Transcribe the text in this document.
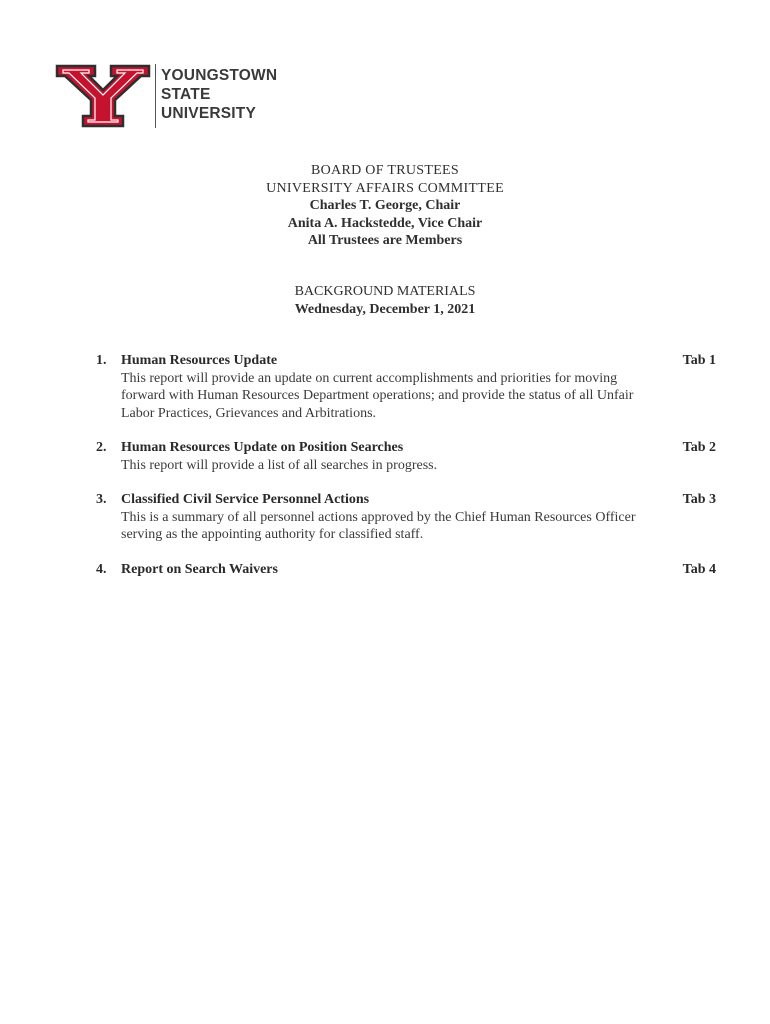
YOUNGSTOWN
STATE
UNIVERSITY
BOARD OF TRUSTEES
UNIVERSITY AFFAIRS COMMITTEE
Charles T. George, Chair
Anita A. Hackstedde, Vice Chair
All Trustees are Members
BACKGROUND MATERIALS
Wednesday, December 1, 2021
1.	Human Resources Update
This report will provide an update on current accomplishments and priorities for moving forward with Human Resources Department operations; and provide the status of all Unfair Labor Practices, Grievances and Arbitrations.
Tab 1
2.	Human Resources Update on Position Searches
This report will provide a list of all searches in progress.
Tab 2
3.	Classified Civil Service Personnel Actions
This is a summary of all personnel actions approved by the Chief Human Resources Officer serving as the appointing authority for classified staff.
Tab 3
4.	Report on Search Waivers	Tab 4
